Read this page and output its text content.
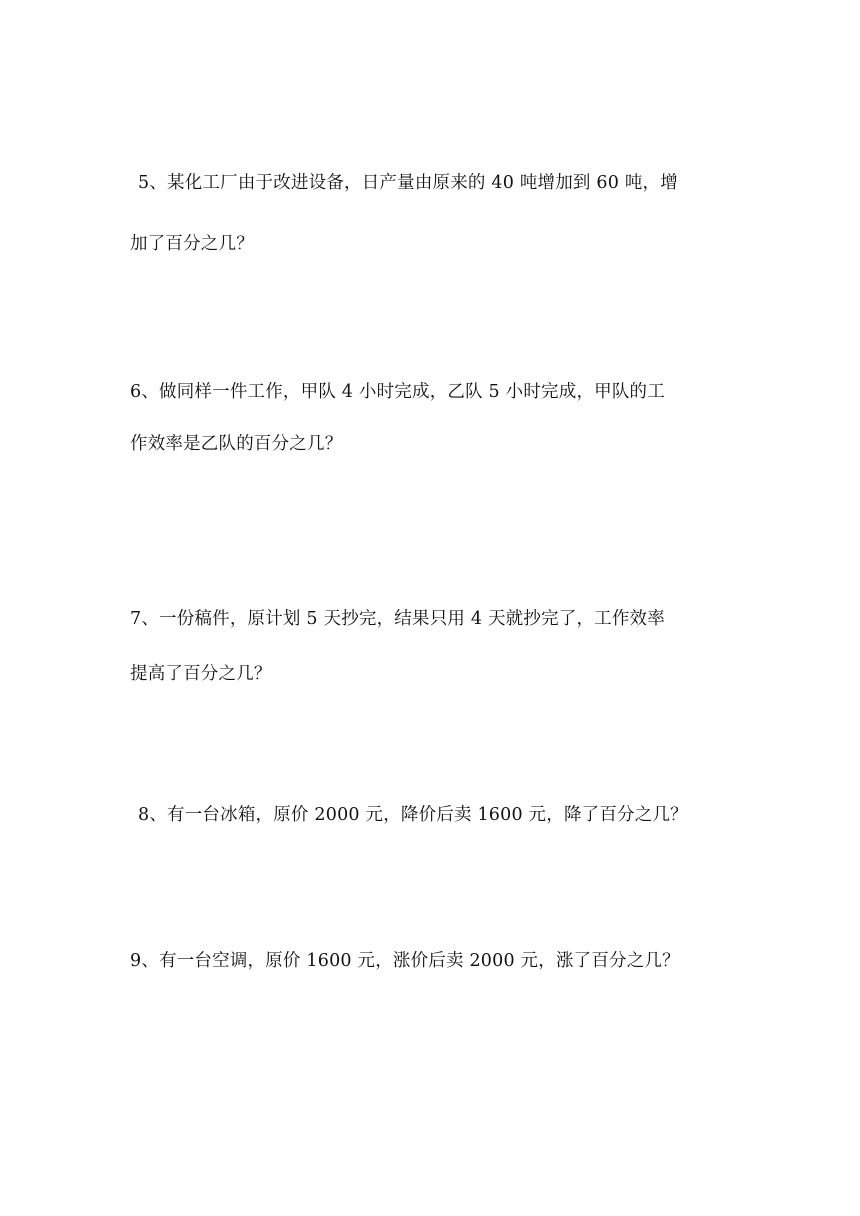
5、某化工厂由于改进设备，日产量由原来的 40 吨增加到 60 吨，增
加了百分之几？
6、做同样一件工作，甲队 4 小时完成，乙队 5 小时完成，甲队的工
作效率是乙队的百分之几？
7、一份稿件，原计划 5 天抄完，结果只用 4 天就抄完了，工作效率
提高了百分之几？
8、有一台冰箱，原价 2000 元，降价后卖 1600 元，降了百分之几？
9、有一台空调，原价 1600 元，涨价后卖 2000 元，涨了百分之几？
